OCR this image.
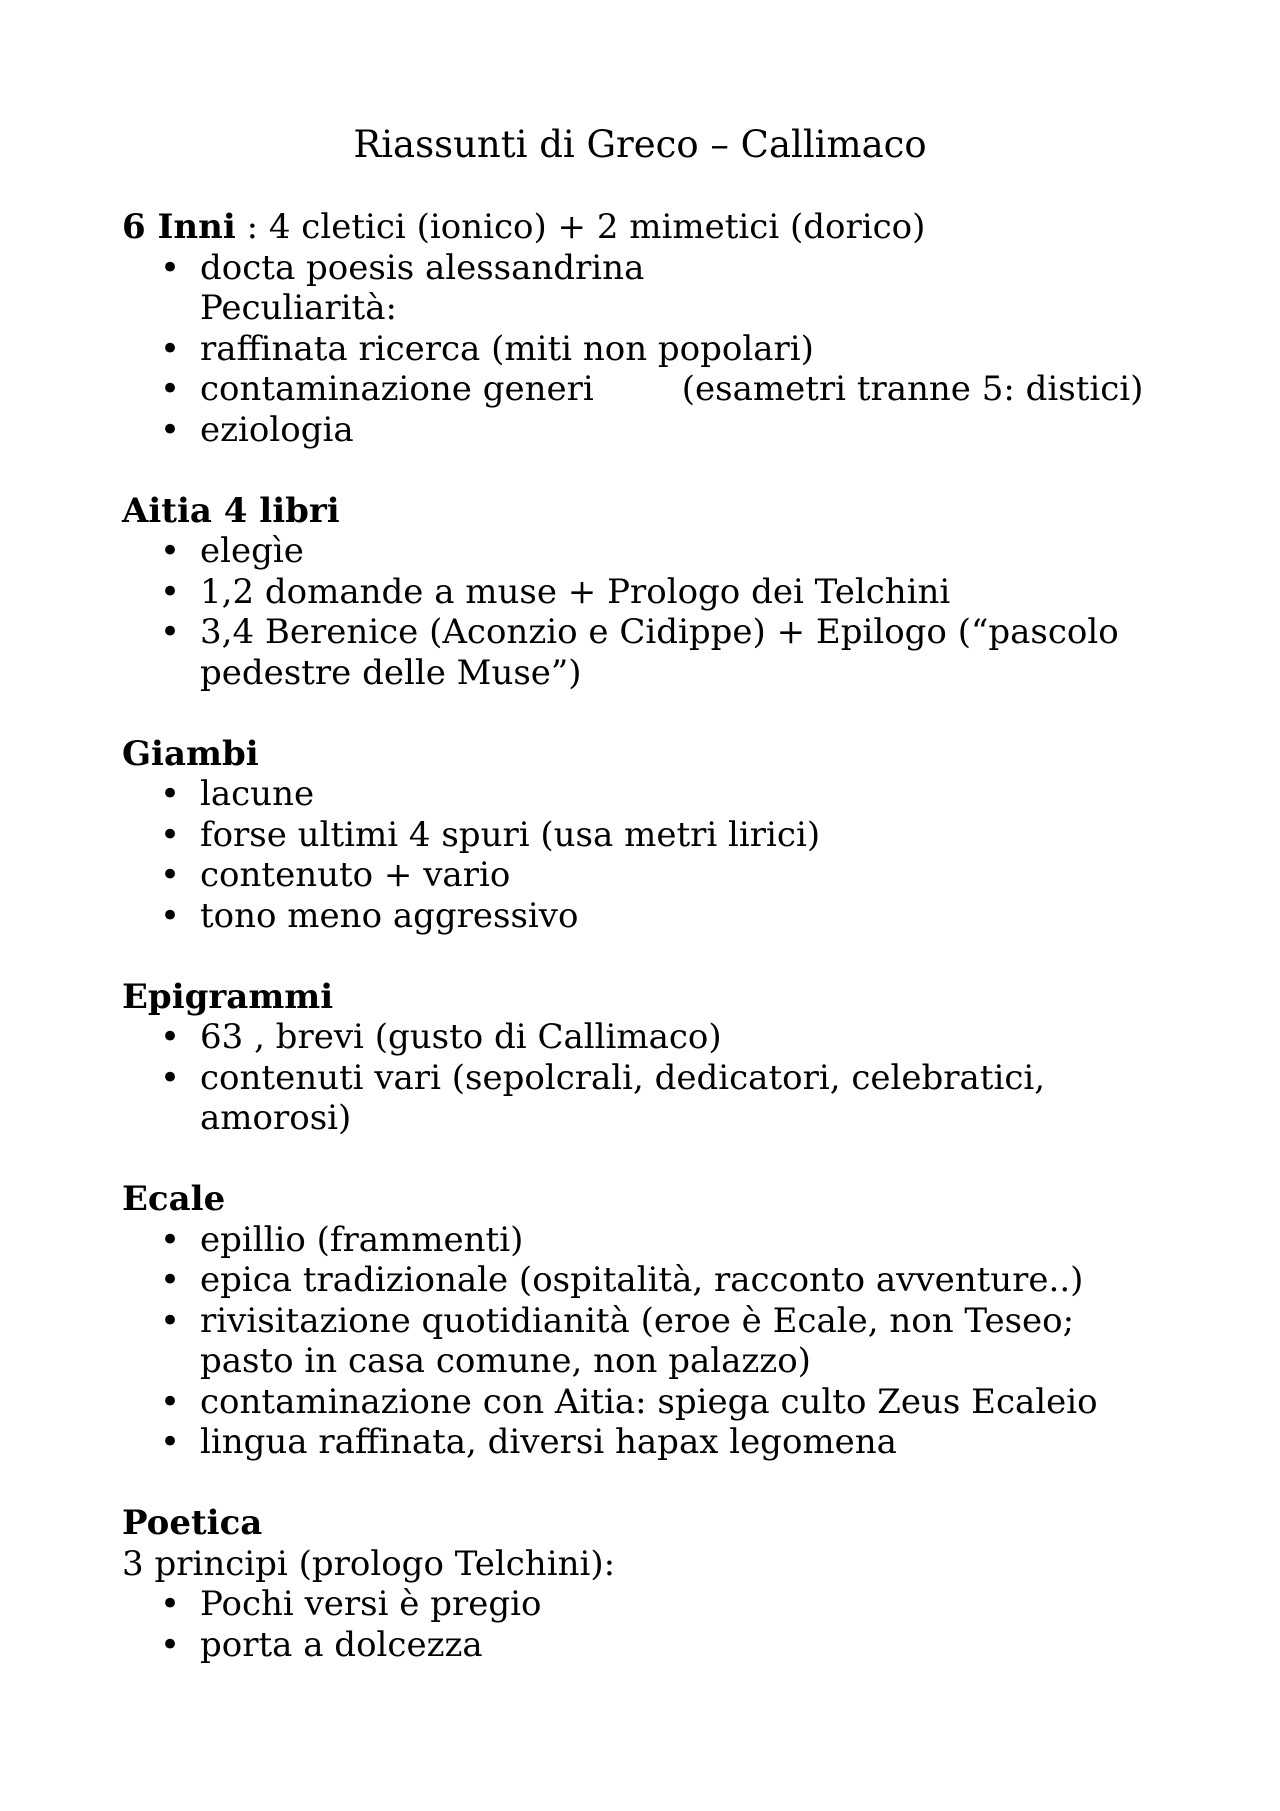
Riassunti di Greco – Callimaco
6 Inni : 4 cletici (ionico) + 2 mimetici (dorico)
• docta poesis alessandrina
Peculiarità:
• raffinata ricerca (miti non popolari)
• contaminazione generi	(esametri tranne 5: distici)
• eziologia
Aitia 4 libri
• elegìe
• 1,2 domande a muse + Prologo dei Telchini
• 3,4 Berenice (Aconzio e Cidippe) + Epilogo (“pascolo
pedestre delle Muse”)
Giambi
• lacune
• forse ultimi 4 spuri (usa metri lirici)
• contenuto + vario
• tono meno aggressivo
Epigrammi
• 63 , brevi (gusto di Callimaco)
• contenuti vari (sepolcrali, dedicatori, celebratici,
amorosi)
Ecale
• epillio (frammenti)
• epica tradizionale (ospitalità, racconto avventure..)
• rivisitazione quotidianità (eroe è Ecale, non Teseo;
pasto in casa comune, non palazzo)
• contaminazione con Aitia: spiega culto Zeus Ecaleio
• lingua raffinata, diversi hapax legomena
Poetica
3 principi (prologo Telchini):
• Pochi versi è pregio
• porta a dolcezza
